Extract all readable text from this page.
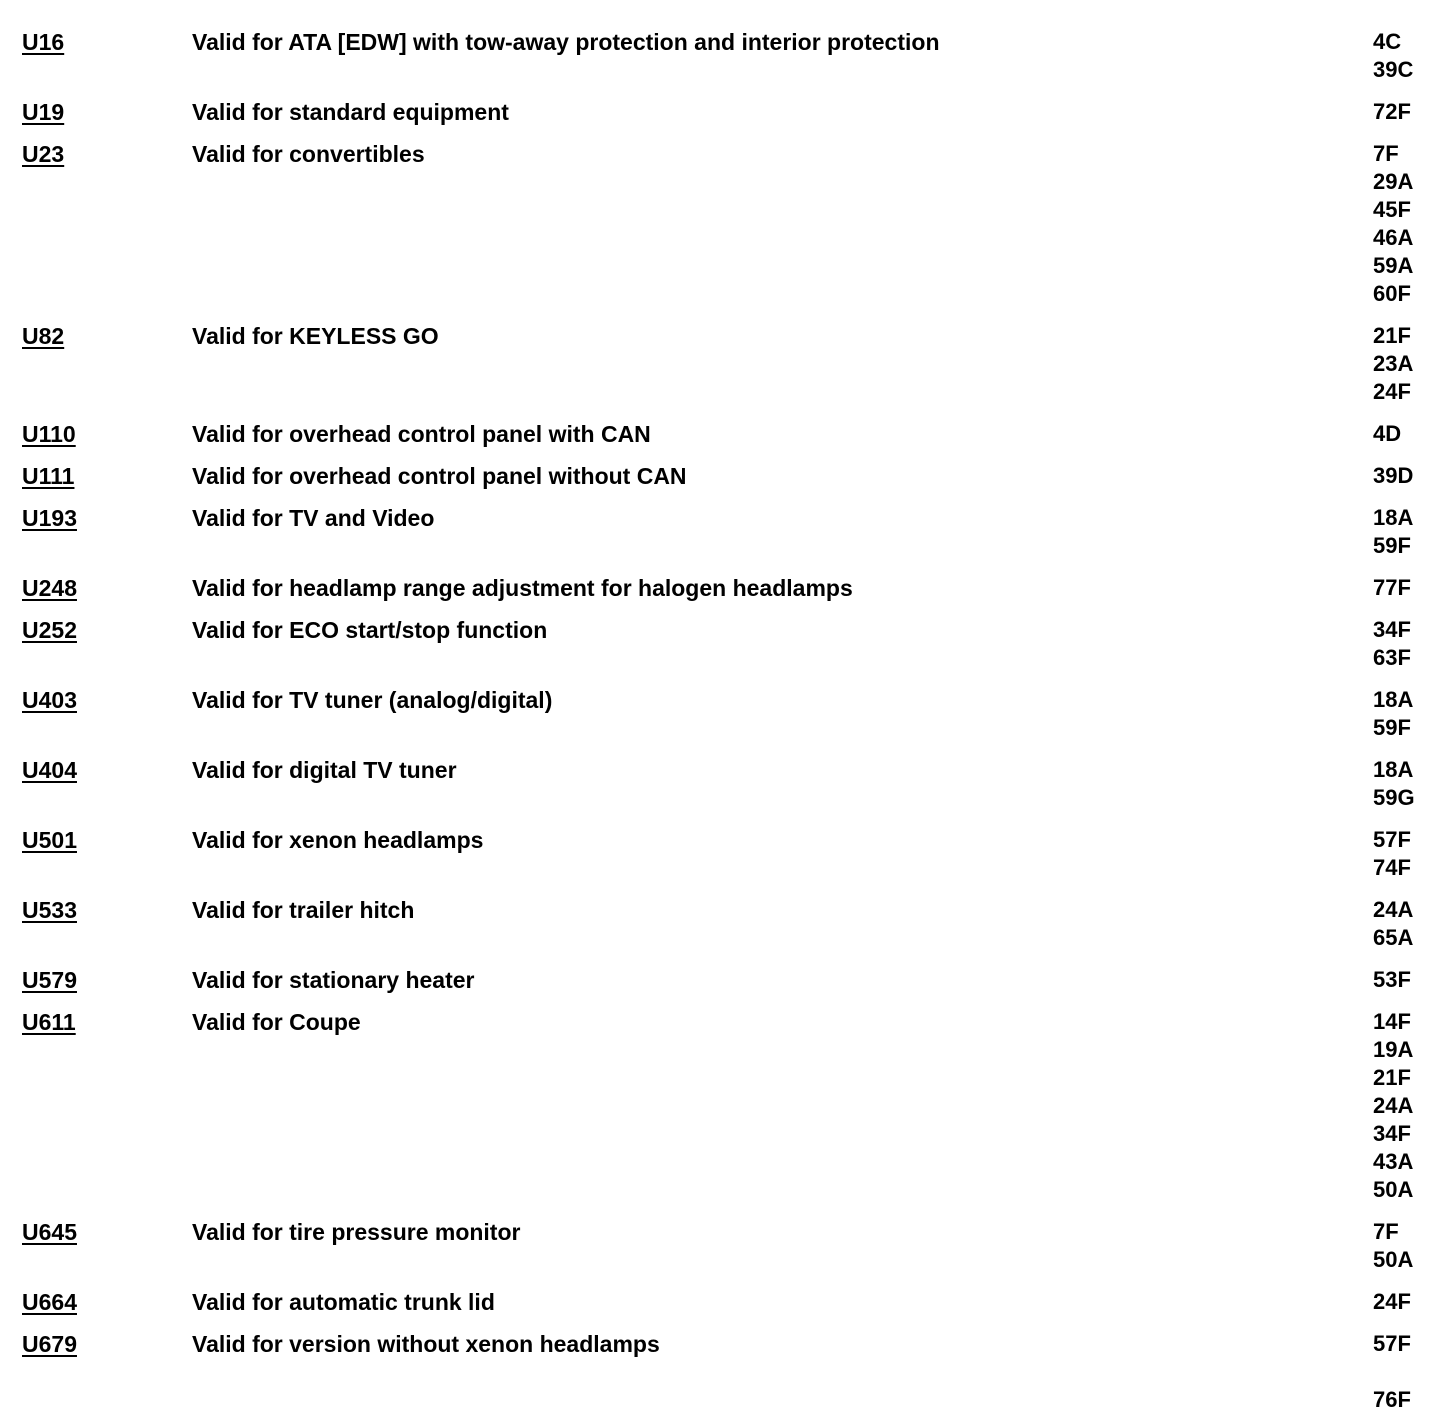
U16	Valid for ATA [EDW] with tow-away protection and interior protection	4C
39C
U19	Valid for standard equipment	72F
U23	Valid for convertibles	7F
29A
45F
46A
59A
60F
U82	Valid for KEYLESS GO	21F
23A
24F
U110	Valid for overhead control panel with CAN	4D
U111	Valid for overhead control panel without CAN	39D
U193	Valid for TV and Video	18A
59F
U248	Valid for headlamp range adjustment for halogen headlamps	77F
U252	Valid for ECO start/stop function	34F
63F
U403	Valid for TV tuner (analog/digital)	18A
59F
U404	Valid for digital TV tuner	18A
59G
U501	Valid for xenon headlamps	57F
74F
U533	Valid for trailer hitch	24A
65A
U579	Valid for stationary heater	53F
U611	Valid for Coupe	14F
19A
21F
24A
34F
43A
50A
U645	Valid for tire pressure monitor	7F
50A
U664	Valid for automatic trunk lid	24F
U679	Valid for version without xenon headlamps	57F
76F
